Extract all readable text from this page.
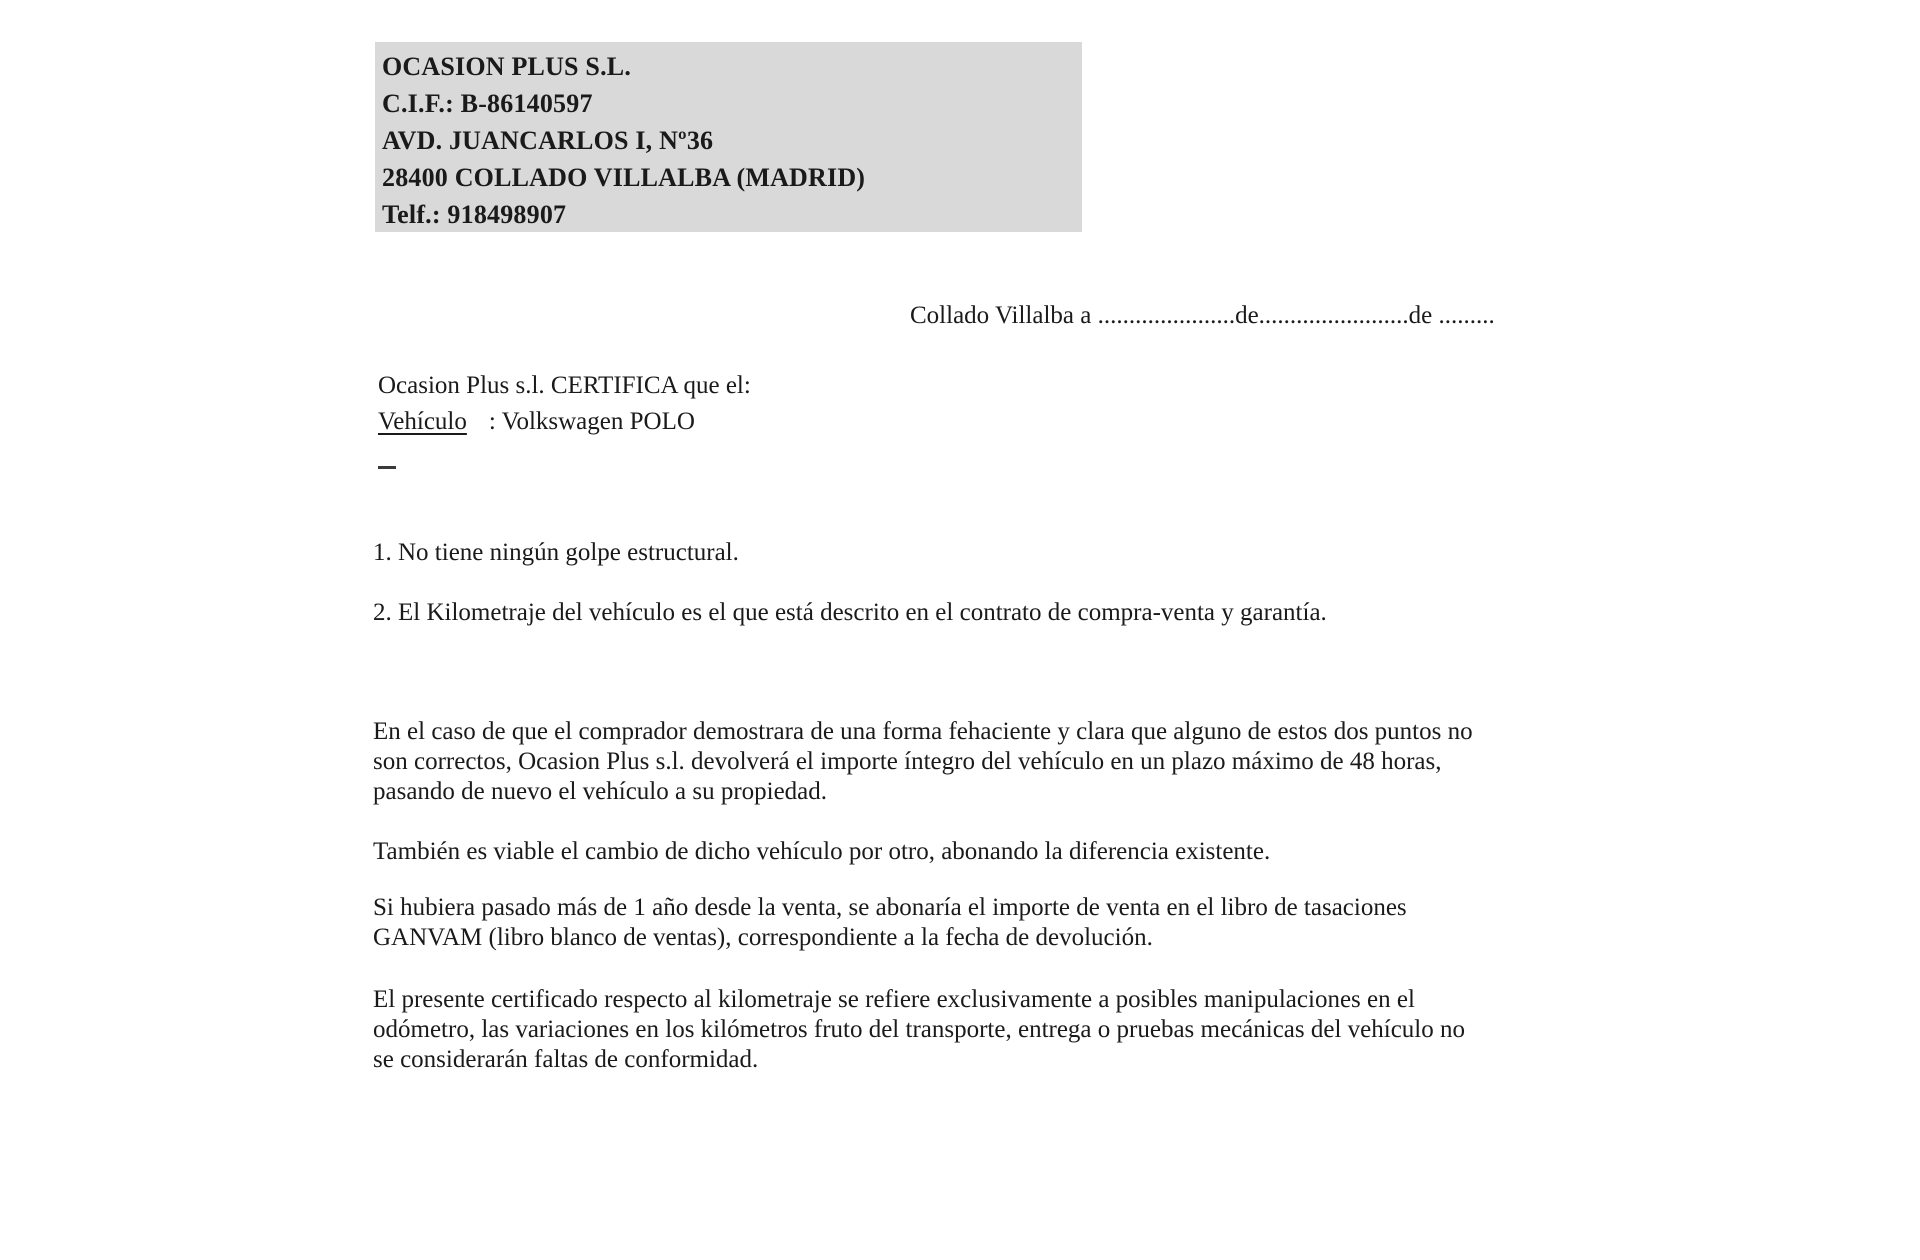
OCASION PLUS S.L.
C.I.F.: B-86140597
AVD. JUANCARLOS I, Nº36
28400 COLLADO VILLALBA (MADRID)
Telf.: 918498907
Collado Villalba a ......................de........................de .........
Ocasion Plus s.l. CERTIFICA que el:
Vehículo : Volkswagen POLO
1. No tiene ningún golpe estructural.
2. El Kilometraje del vehículo es el que está descrito en el contrato de compra-venta y garantía.
En el caso de que el comprador demostrara de una forma fehaciente y clara que alguno de estos dos puntos no
son correctos, Ocasion Plus s.l. devolverá el importe íntegro del vehículo en un plazo máximo de 48 horas,
pasando de nuevo el vehículo a su propiedad.
También es viable el cambio de dicho vehículo por otro, abonando la diferencia existente.
Si hubiera pasado más de 1 año desde la venta, se abonaría el importe de venta en el libro de tasaciones
GANVAM (libro blanco de ventas), correspondiente a la fecha de devolución.
El presente certificado respecto al kilometraje se refiere exclusivamente a posibles manipulaciones en el
odómetro, las variaciones en los kilómetros fruto del transporte, entrega o pruebas mecánicas del vehículo no
se considerarán faltas de conformidad.
